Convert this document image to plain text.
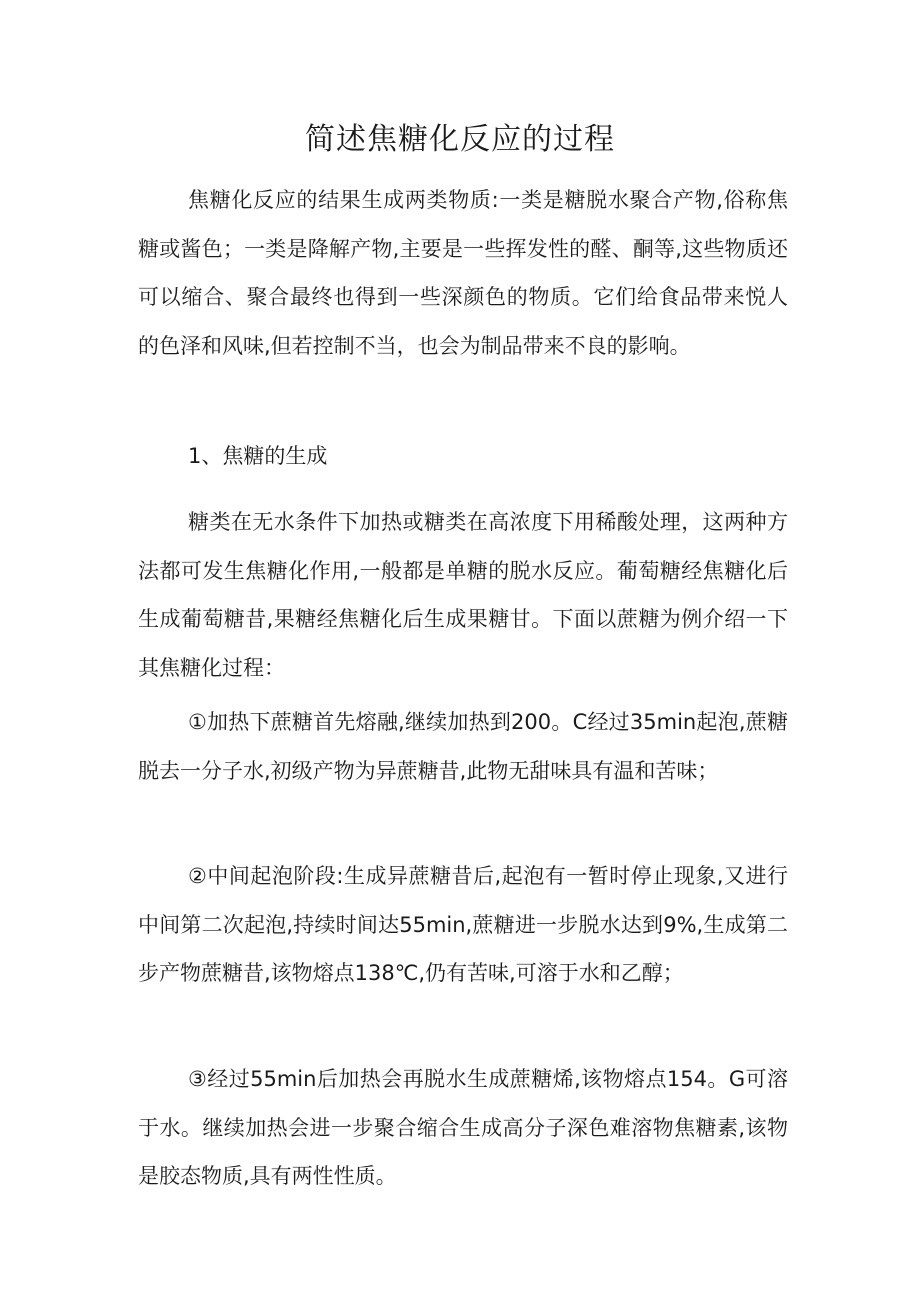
简述焦糖化反应的过程

焦糖化反应的结果生成两类物质:一类是糖脱水聚合产物,俗称焦糖或酱色；一类是降解产物,主要是一些挥发性的醛、酮等,这些物质还可以缩合、聚合最终也得到一些深颜色的物质。它们给食品带来悦人的色泽和风味,但若控制不当，也会为制品带来不良的影响。

1、焦糖的生成

糖类在无水条件下加热或糖类在高浓度下用稀酸处理，这两种方法都可发生焦糖化作用,一般都是单糖的脱水反应。葡萄糖经焦糖化后生成葡萄糖昔,果糖经焦糖化后生成果糖甘。下面以蔗糖为例介绍一下其焦糖化过程：

①加热下蔗糖首先熔融,继续加热到200。C经过35min起泡,蔗糖脱去一分子水,初级产物为异蔗糖昔,此物无甜味具有温和苦味；

②中间起泡阶段:生成异蔗糖昔后,起泡有一暂时停止现象,又进行中间第二次起泡,持续时间达55min,蔗糖进一步脱水达到9%,生成第二步产物蔗糖昔,该物熔点138℃,仍有苦味,可溶于水和乙醇；

③经过55min后加热会再脱水生成蔗糖烯,该物熔点154。G可溶于水。继续加热会进一步聚合缩合生成高分子深色难溶物焦糖素,该物是胶态物质,具有两性性质。
